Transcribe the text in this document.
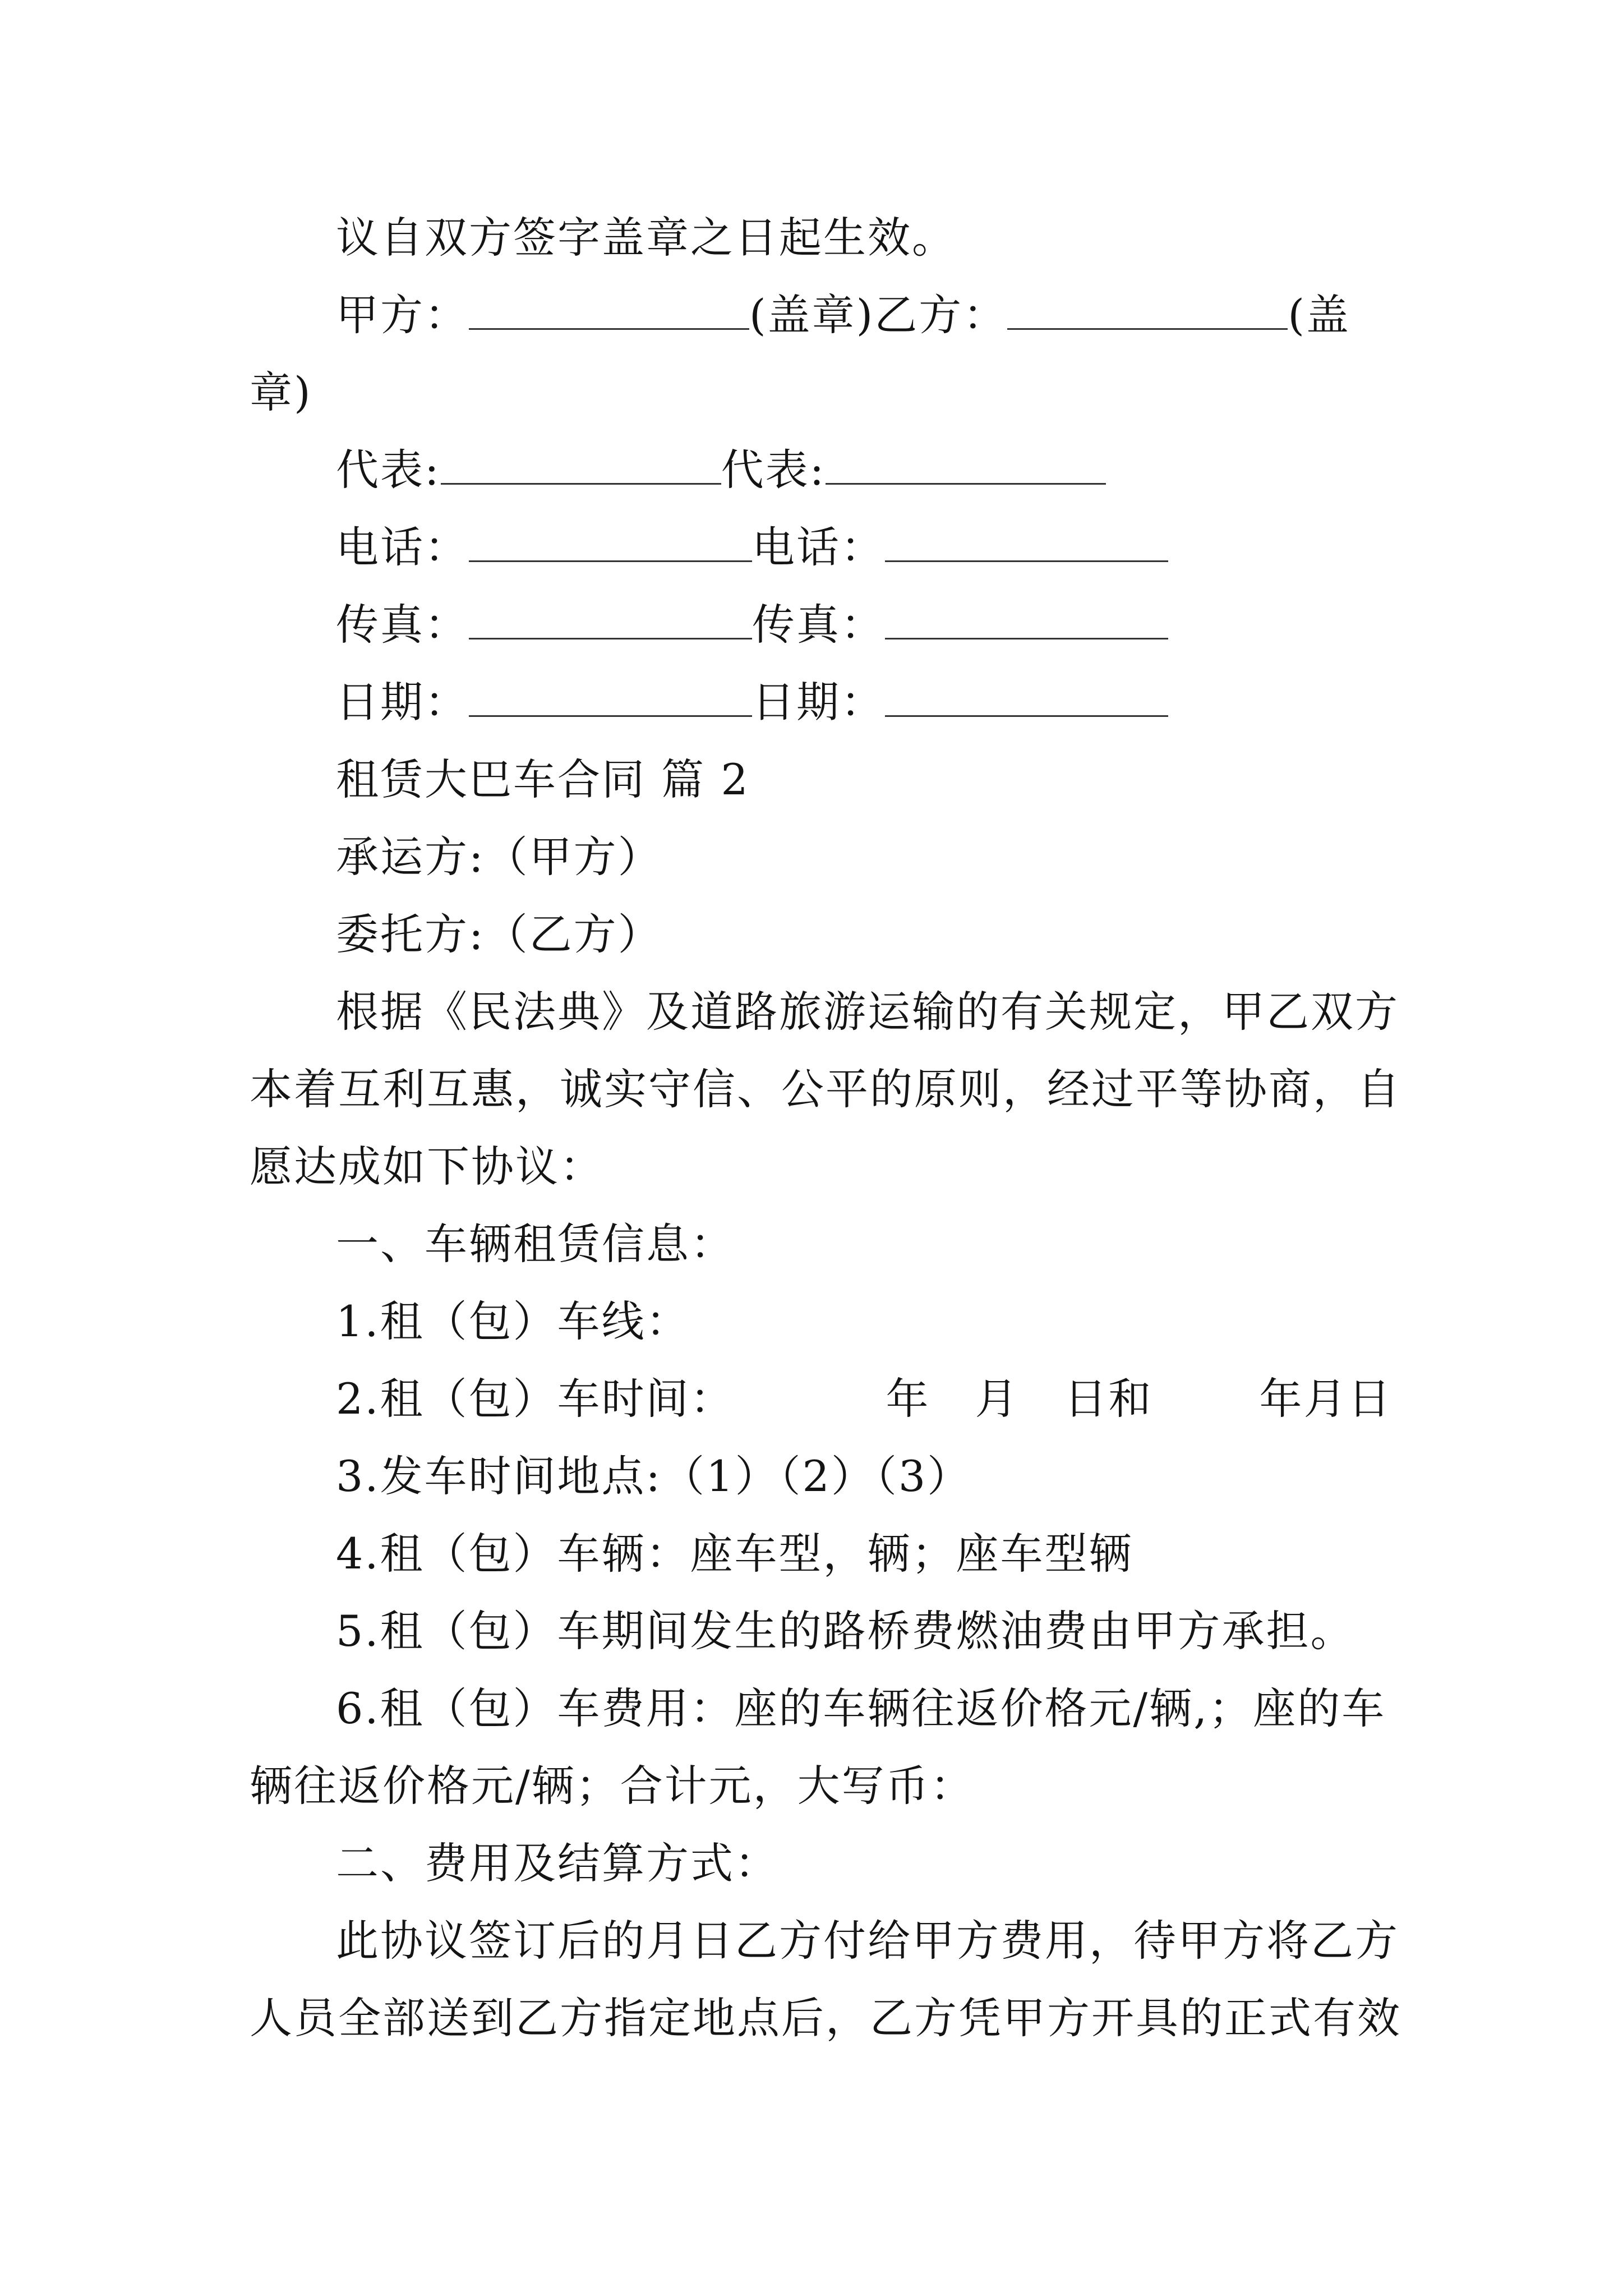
议自双方签字盖章之日起生效。

甲方：	(盖章)乙方：	(盖

章)

代表:	代表:

电话：	电话：

传真：	传真：

日期：	日期：

租赁大巴车合同 篇 2

承运方:（甲方）

委托方:（乙方）

根据《民法典》及道路旅游运输的有关规定，甲乙双方

本着互利互惠，诚实守信、公平的原则，经过平等协商，自

愿达成如下协议：

一、车辆租赁信息：

1.租（包）车线：

2.租（包）车时间：	年 月 日和	年月日

3.发车时间地点:（1）（2）（3）

4.租（包）车辆：座车型，辆；座车型辆

5.租（包）车期间发生的路桥费燃油费由甲方承担。

6.租（包）车费用：座的车辆往返价格元/辆,；座的车

辆往返价格元/辆；合计元，大写币：

二、费用及结算方式：

此协议签订后的月日乙方付给甲方费用，待甲方将乙方

人员全部送到乙方指定地点后，乙方凭甲方开具的正式有效
